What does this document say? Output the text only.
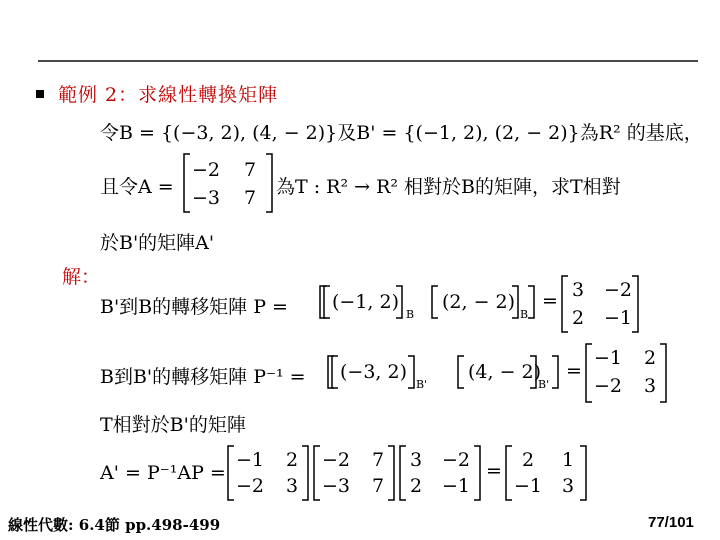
範例 2：求線性轉換矩陣
令B = {(−3, 2), (4, − 2)}及B' = {(−1, 2), (2, − 2)}為R² 的基底，
且令A =
−2 7
−3 7 為T : R² → R² 相對於B的矩陣，求T相對
於B'的矩陣A'
解：
B'到B的轉移矩陣 P = (−1, 2)
B
(2, − 2)
B
= 3 −2
2 −1
B到B'的轉移矩陣 P⁻¹ = (−3, 2)
B'
(4, − 2)
B'
=
−1 2
−2 3
T相對於B'的矩陣
A' = P⁻¹AP =
−1 2
−2 3
−2 7
−3 7
3 −2
2 −1
= 2 1
−1 3
線性代數: 6.4節 pp.498-499	77/101
